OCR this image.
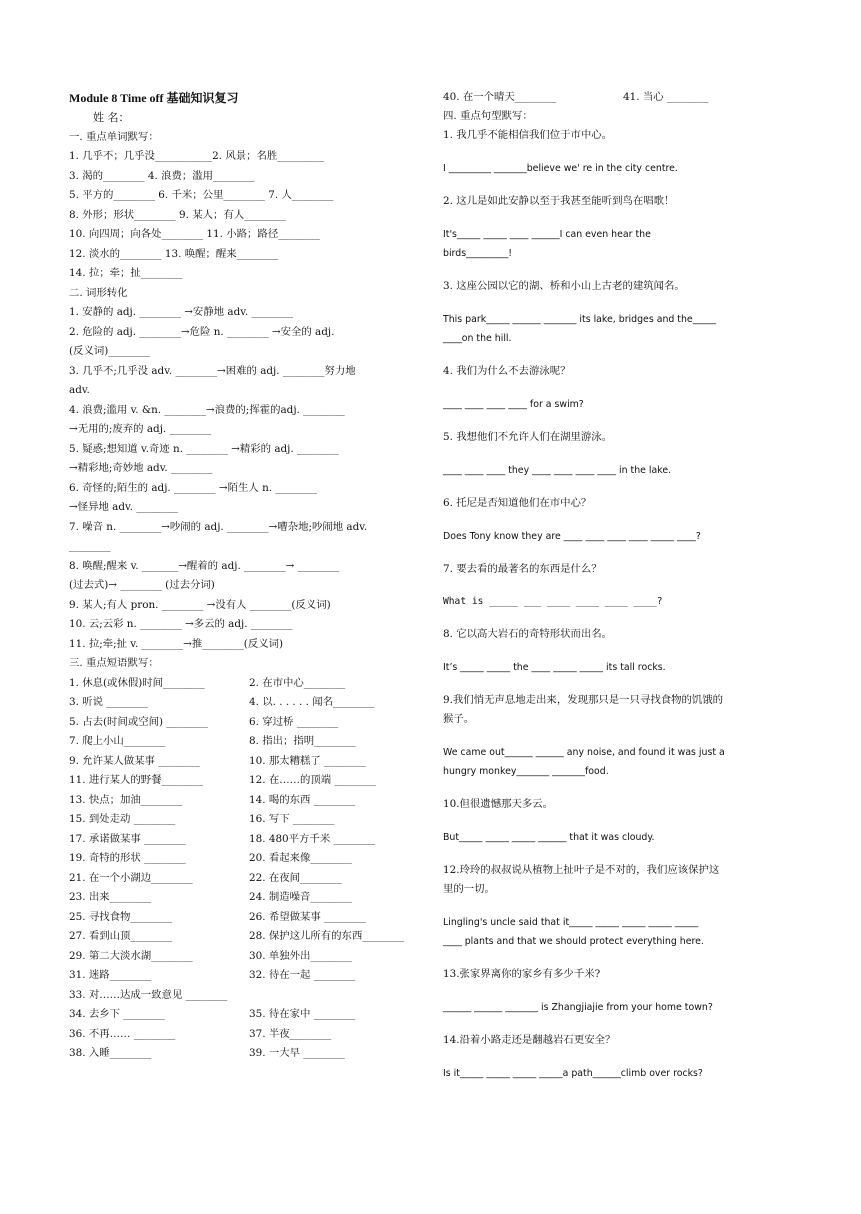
Module 8 Time off 基础知识复习
姓 名：
一. 重点单词默写：
1. 几乎不；几乎没___________2. 风景；名胜_________
3. 渴的________ 4. 浪费；滥用________
5. 平方的________ 6. 千米；公里________ 7. 人________
8. 外形；形状________ 9. 某人；有人________
10. 向四周；向各处________ 11. 小路；路径________
12. 淡水的________ 13. 唤醒；醒来________
14. 拉；牵；扯________
二. 词形转化
1. 安静的 adj. ________ →安静地 adv. ________
2. 危险的 adj. ________→危险 n. ________ →安全的 adj.
(反义词)________
3. 几乎不;几乎没 adv. ________→困难的 adj. ________努力地
adv.
4. 浪费;滥用 v. &n. ________→浪费的;挥霍的adj. ________
→无用的;废弃的 adj. ________
5. 疑惑;想知道 v.奇迹 n. ________ →精彩的 adj. ________
→精彩地;奇妙地 adv. ________
6. 奇怪的;陌生的 adj. ________ →陌生人 n. ________
→怪异地 adv. ________
7. 噪音 n. ________→吵闹的 adj. ________→嘈杂地;吵闹地 adv.
________
8. 唤醒;醒来 v. _______→醒着的 adj. ________→ ________
(过去式)→ ________ (过去分词)
9. 某人;有人 pron. ________ →没有人 ________(反义词)
10. 云;云彩 n. ________ →多云的 adj. ________
11. 拉;牵;扯 v. ________→推________(反义词)
三. 重点短语默写：
1. 休息(或休假)时间________	2. 在市中心________
3. 听说 ________	4. 以. . . . . . 闻名________
5. 占去(时间或空间) ________	6. 穿过桥 ________
7. 爬上小山________	8. 指出；指明________
9. 允许某人做某事 ________	10. 那太糟糕了 ________
11. 进行某人的野餐________	12. 在……的顶端 ________
13. 快点；加油________	14. 喝的东西 ________
15. 到处走动 ________	16. 写下 ________
17. 承诺做某事 ________	18. 480平方千米 ________
19. 奇特的形状 ________	20. 看起来像________
21. 在一个小湖边________	22. 在夜间________
23. 出来________	24. 制造噪音________
25. 寻找食物________	26. 希望做某事 ________
27. 看到山顶________	28. 保护这儿所有的东西________
29. 第二大淡水湖________	30. 单独外出________
31. 迷路________	32. 待在一起 ________
33. 对……达成一致意见 ________
34. 去乡下 ________	35. 待在家中 ________
36. 不再…… ________	37. 半夜________
38. 入睡________	39. 一大早 ________
40. 在一个晴天________	41. 当心 ________
四. 重点句型默写：
1. 我几乎不能相信我们位于市中心。
I _________ _______believe we' re in the city centre.
2. 这儿是如此安静以至于我甚至能听到鸟在唱歌！
It's_____ _____ ____ ______I can even hear the
birds_________!
3. 这座公园以它的湖、桥和小山上古老的建筑闻名。
This park_____ ______ _______ its lake, bridges and the_____
____on the hill.
4. 我们为什么不去游泳呢？
____ ____ ____ ____ for a swim?
5. 我想他们不允许人们在湖里游泳。
____ ____ ____ they ____ ____ ____ ____ in the lake.
6. 托尼是否知道他们在市中心？
Does Tony know they are ____ ____ ____ ____ _____ ____?
7. 要去看的最著名的东西是什么？
What is _____ ___ ____ ____ ____ ____?
8. 它以高大岩石的奇特形状而出名。
It’s _____ _____ the ____ _____ _____ its tall rocks.
9.我们悄无声息地走出来，发现那只是一只寻找食物的饥饿的
猴子。
We came out______ ______ any noise, and found it was just a
hungry monkey_______ _______food.
10.但很遗憾那天多云。
But_____ _____ _____ ______ that it was cloudy.
12.玲玲的叔叔说从植物上扯叶子是不对的，我们应该保护这
里的一切。
Lingling's uncle said that it_____ _____ _____ _____ _____
____ plants and that we should protect everything here.
13.张家界离你的家乡有多少千米?
______ ______ _______ is Zhangjiajie from your home town?
14.沿着小路走还是翻越岩石更安全？
Is it_____ _____ _____ _____a path______climb over rocks?
